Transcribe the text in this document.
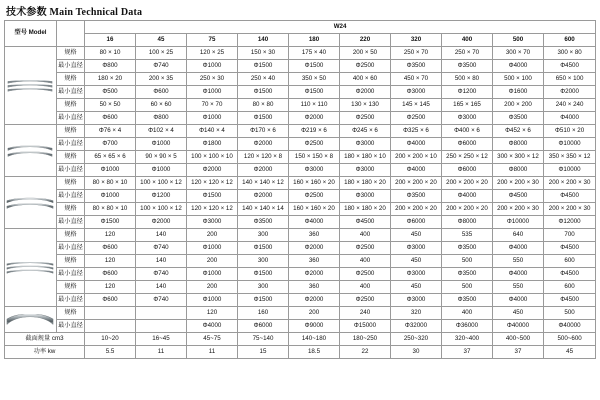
技术参数 Main Technical Data
型号 Model		W24									
		16	45	75	140	180	220	320	400	500	600

	规格	80 × 10	100 × 25	120 × 25	150 × 30	175 × 40	200 × 50	250 × 70	250 × 70	300 × 70	300 × 80
	最小直径	Φ800	Φ740	Φ1000	Φ1500	Φ1500	Φ2500	Φ3500	Φ3500	Φ4000	Φ4500
	规格	180 × 20	200 × 35	250 × 30	250 × 40	350 × 50	400 × 60	450 × 70	500 × 80	500 × 100	650 × 100
	最小直径	Φ500	Φ600	Φ1000	Φ1500	Φ1500	Φ2000	Φ3000	Φ1200	Φ1600	Φ2000
	规格	50 × 50	60 × 60	70 × 70	80 × 80	110 × 110	130 × 130	145 × 145	165 × 165	200 × 200	240 × 240
	最小直径	Φ600	Φ800	Φ1000	Φ1500	Φ2000	Φ2500	Φ2500	Φ3000	Φ3500	Φ4000

	规格	Φ76 × 4	Φ102 × 4	Φ140 × 4	Φ170 × 6	Φ219 × 6	Φ245 × 6	Φ325 × 6	Φ400 × 6	Φ452 × 6	Φ510 × 20
	最小直径	Φ700	Φ1000	Φ1800	Φ2000	Φ2500	Φ3000	Φ4000	Φ6000	Φ8000	Φ10000
	规格	65 × 65 × 6	90 × 90 × 5	100 × 100 × 10	120 × 120 × 8	150 × 150 × 8	180 × 180 × 10	200 × 200 × 10	250 × 250 × 12	300 × 300 × 12	350 × 350 × 12
	最小直径	Φ1000	Φ1000	Φ2000	Φ2000	Φ3000	Φ3000	Φ4000	Φ6000	Φ8000	Φ10000

	规格	80 × 80 × 10	100 × 100 × 12	120 × 120 × 12	140 × 140 × 12	160 × 160 × 20	180 × 180 × 20	200 × 200 × 20	200 × 200 × 20	200 × 200 × 30	200 × 200 × 30
	最小直径	Φ1000	Φ1200	Φ1500	Φ2000	Φ2500	Φ3000	Φ3500	Φ4000	Φ4500	Φ4500
	规格	80 × 80 × 10	100 × 100 × 12	120 × 120 × 12	140 × 140 × 14	160 × 160 × 20	180 × 180 × 20	200 × 200 × 20	200 × 200 × 20	200 × 200 × 30	200 × 200 × 30
	最小直径	Φ1500	Φ2000	Φ3000	Φ3500	Φ4000	Φ4500	Φ6000	Φ8000	Φ10000	Φ12000

	规格	120	140	200	300	360	400	450	535	640	700
	最小直径	Φ600	Φ740	Φ1000	Φ1500	Φ2000	Φ2500	Φ3000	Φ3500	Φ4000	Φ4500
	规格	120	140	200	300	360	400	450	500	550	600
	最小直径	Φ600	Φ740	Φ1000	Φ1500	Φ2000	Φ2500	Φ3000	Φ3500	Φ4000	Φ4500
	规格	120	140	200	300	360	400	450	500	550	600
	最小直径	Φ600	Φ740	Φ1000	Φ1500	Φ2000	Φ2500	Φ3000	Φ3500	Φ4000	Φ4500

	规格			120	160	200	240	320	400	450	500
	最小直径			Φ4000	Φ6000	Φ9000	Φ15000	Φ32000	Φ36000	Φ40000	Φ40000
截面规量 cm3		10~20	16~45	45~75	75~140	140~180	180~250	250~320	320~400	400~500	500~600
功率 kw		5.5	11	11	15	18.5	22	30	37	37	45
